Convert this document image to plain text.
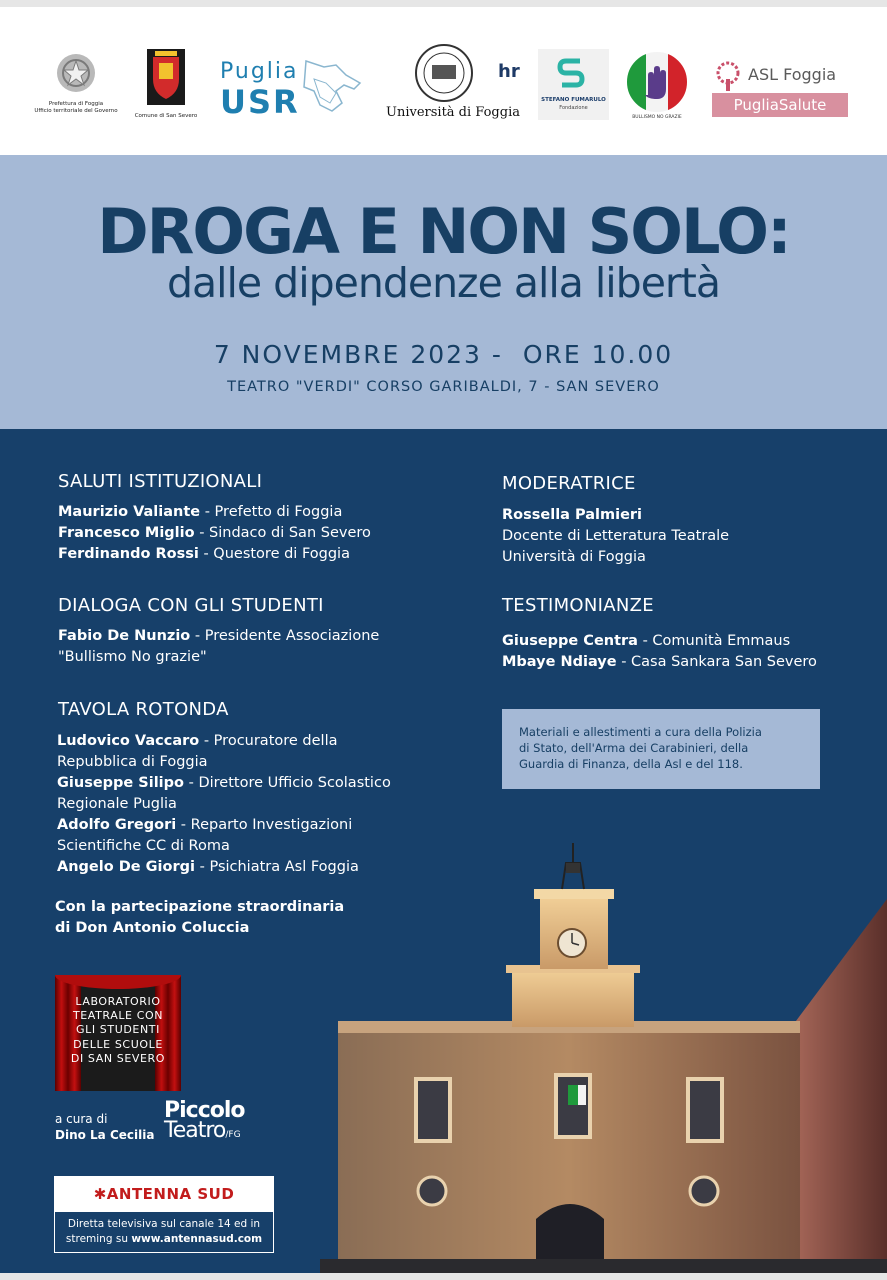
Prefettura di Foggia
Ufficio territoriale del Governo
Comune di San Severo
Puglia
USR
hr
Università di Foggia
STEFANO FUMARULO
Fondazione
BULLISMO NO GRAZIE
ASL Foggia
PugliaSalute
DROGA E NON SOLO:
dalle dipendenze alla libertà
7 NOVEMBRE 2023 -  ORE 10.00
TEATRO "VERDI" CORSO GARIBALDI, 7 - SAN SEVERO
SALUTI ISTITUZIONALI
Maurizio Valiante - Prefetto di Foggia
Francesco Miglio - Sindaco di San Severo
Ferdinando Rossi - Questore di Foggia
DIALOGA CON GLI STUDENTI
Fabio De Nunzio - Presidente Associazione
"Bullismo No grazie"
TAVOLA ROTONDA
Ludovico Vaccaro - Procuratore della
Repubblica di Foggia
Giuseppe Silipo - Direttore Ufficio Scolastico
Regionale Puglia
Adolfo Gregori - Reparto Investigazioni
Scientifiche CC di Roma
Angelo De Giorgi - Psichiatra Asl Foggia
Con la partecipazione straordinaria
di Don Antonio Coluccia
MODERATRICE
Rossella Palmieri
Docente di Letteratura Teatrale
Università di Foggia
TESTIMONIANZE
Giuseppe Centra - Comunità Emmaus
Mbaye Ndiaye - Casa Sankara San Severo
Materiali e allestimenti a cura della Polizia
di Stato, dell'Arma dei Carabinieri, della
Guardia di Finanza, della Asl e del 118.
LABORATORIO
TEATRALE CON
GLI STUDENTI
DELLE SCUOLE
DI SAN SEVERO
a cura di
Dino La Cecilia
Piccolo
Teatro/FG
✱ANTENNA SUD
Diretta televisiva sul canale 14 ed in
streming su www.antennasud.com
